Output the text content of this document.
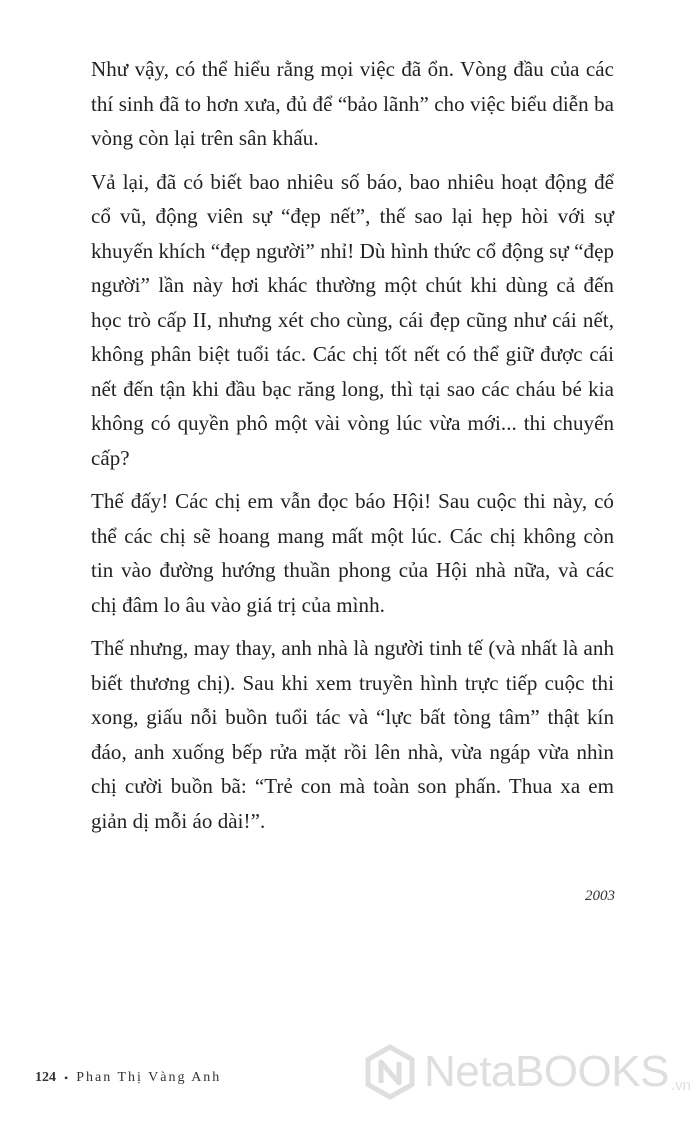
Như vậy, có thể hiểu rằng mọi việc đã ổn. Vòng đầu của các thí sinh đã to hơn xưa, đủ để “bảo lãnh” cho việc biểu diễn ba vòng còn lại trên sân khấu.

Vả lại, đã có biết bao nhiêu số báo, bao nhiêu hoạt động để cổ vũ, động viên sự “đẹp nết”, thế sao lại hẹp hòi với sự khuyến khích “đẹp người” nhỉ! Dù hình thức cổ động sự “đẹp người” lần này hơi khác thường một chút khi dùng cả đến học trò cấp II, nhưng xét cho cùng, cái đẹp cũng như cái nết, không phân biệt tuổi tác. Các chị tốt nết có thể giữ được cái nết đến tận khi đầu bạc răng long, thì tại sao các cháu bé kia không có quyền phô một vài vòng lúc vừa mới... thi chuyển cấp?

Thế đấy! Các chị em vẫn đọc báo Hội! Sau cuộc thi này, có thể các chị sẽ hoang mang mất một lúc. Các chị không còn tin vào đường hướng thuần phong của Hội nhà nữa, và các chị đâm lo âu vào giá trị của mình.

Thế nhưng, may thay, anh nhà là người tinh tế (và nhất là anh biết thương chị). Sau khi xem truyền hình trực tiếp cuộc thi xong, giấu nỗi buồn tuổi tác và “lực bất tòng tâm” thật kín đáo, anh xuống bếp rửa mặt rồi lên nhà, vừa ngáp vừa nhìn chị cười buồn bã: “Trẻ con mà toàn son phấn. Thua xa em giản dị mỗi áo dài!”.

2003
124 • Phan Thị Vàng Anh	NetaBOOKS .vn
